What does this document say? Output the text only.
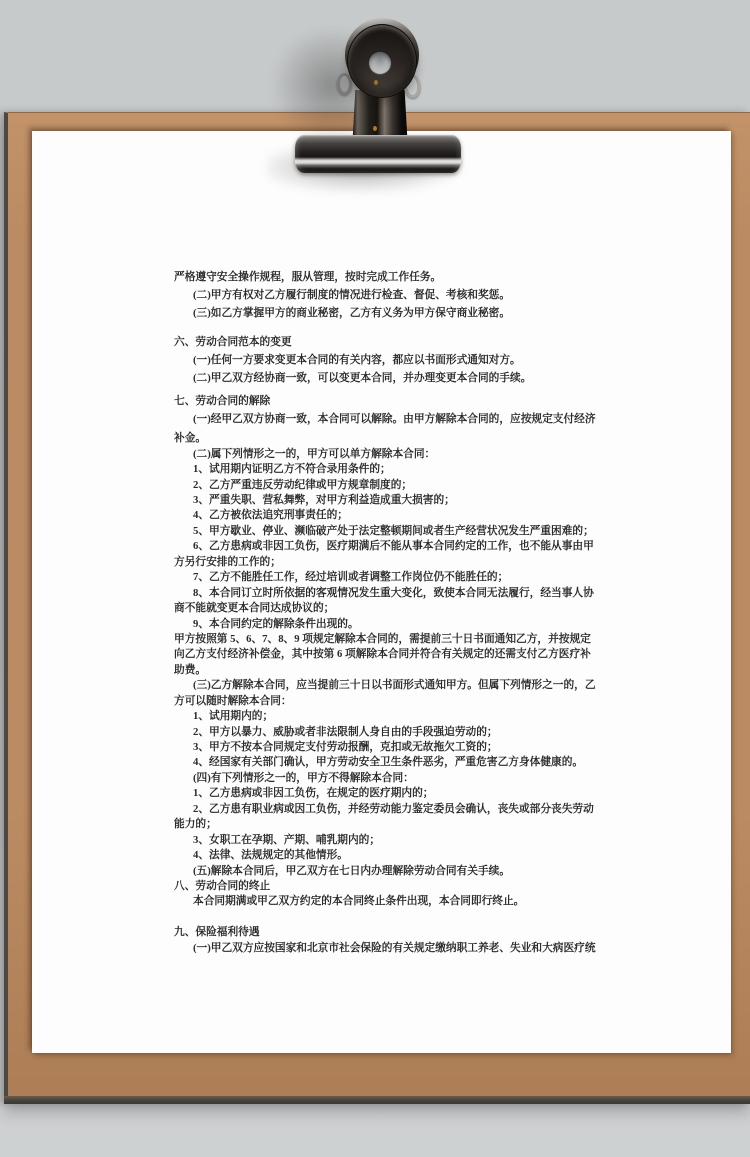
严格遵守安全操作规程，服从管理，按时完成工作任务。
(二)甲方有权对乙方履行制度的情况进行检查、督促、考核和奖惩。
(三)如乙方掌握甲方的商业秘密，乙方有义务为甲方保守商业秘密。
六、劳动合同范本的变更
(一)任何一方要求变更本合同的有关内容，都应以书面形式通知对方。
(二)甲乙双方经协商一致，可以变更本合同，并办理变更本合同的手续。
七、劳动合同的解除
(一)经甲乙双方协商一致，本合同可以解除。由甲方解除本合同的，应按规定支付经济
补金。
(二)属下列情形之一的，甲方可以单方解除本合同：
1、试用期内证明乙方不符合录用条件的；
2、乙方严重违反劳动纪律或甲方规章制度的；
3、严重失职、营私舞弊，对甲方利益造成重大损害的；
4、乙方被依法追究刑事责任的；
5、甲方歇业、停业、濒临破产处于法定整顿期间或者生产经营状况发生严重困难的；
6、乙方患病或非因工负伤，医疗期满后不能从事本合同约定的工作，也不能从事由甲
方另行安排的工作的；
7、乙方不能胜任工作，经过培训或者调整工作岗位仍不能胜任的；
8、本合同订立时所依据的客观情况发生重大变化，致使本合同无法履行，经当事人协
商不能就变更本合同达成协议的；
9、本合同约定的解除条件出现的。
甲方按照第 5、6、7、8、9 项规定解除本合同的，需提前三十日书面通知乙方，并按规定
向乙方支付经济补偿金，其中按第 6 项解除本合同并符合有关规定的还需支付乙方医疗补
助费。
(三)乙方解除本合同，应当提前三十日以书面形式通知甲方。但属下列情形之一的，乙
方可以随时解除本合同：
1、试用期内的；
2、甲方以暴力、威胁或者非法限制人身自由的手段强迫劳动的；
3、甲方不按本合同规定支付劳动报酬，克扣或无故拖欠工资的；
4、经国家有关部门确认，甲方劳动安全卫生条件恶劣，严重危害乙方身体健康的。
(四)有下列情形之一的，甲方不得解除本合同：
1、乙方患病或非因工负伤，在规定的医疗期内的；
2、乙方患有职业病或因工负伤，并经劳动能力鉴定委员会确认，丧失或部分丧失劳动
能力的；
3、女职工在孕期、产期、哺乳期内的；
4、法律、法规规定的其他情形。
(五)解除本合同后，甲乙双方在七日内办理解除劳动合同有关手续。
八、劳动合同的终止
本合同期满或甲乙双方约定的本合同终止条件出现，本合同即行终止。
九、保险福利待遇
(一)甲乙双方应按国家和北京市社会保险的有关规定缴纳职工养老、失业和大病医疗统
